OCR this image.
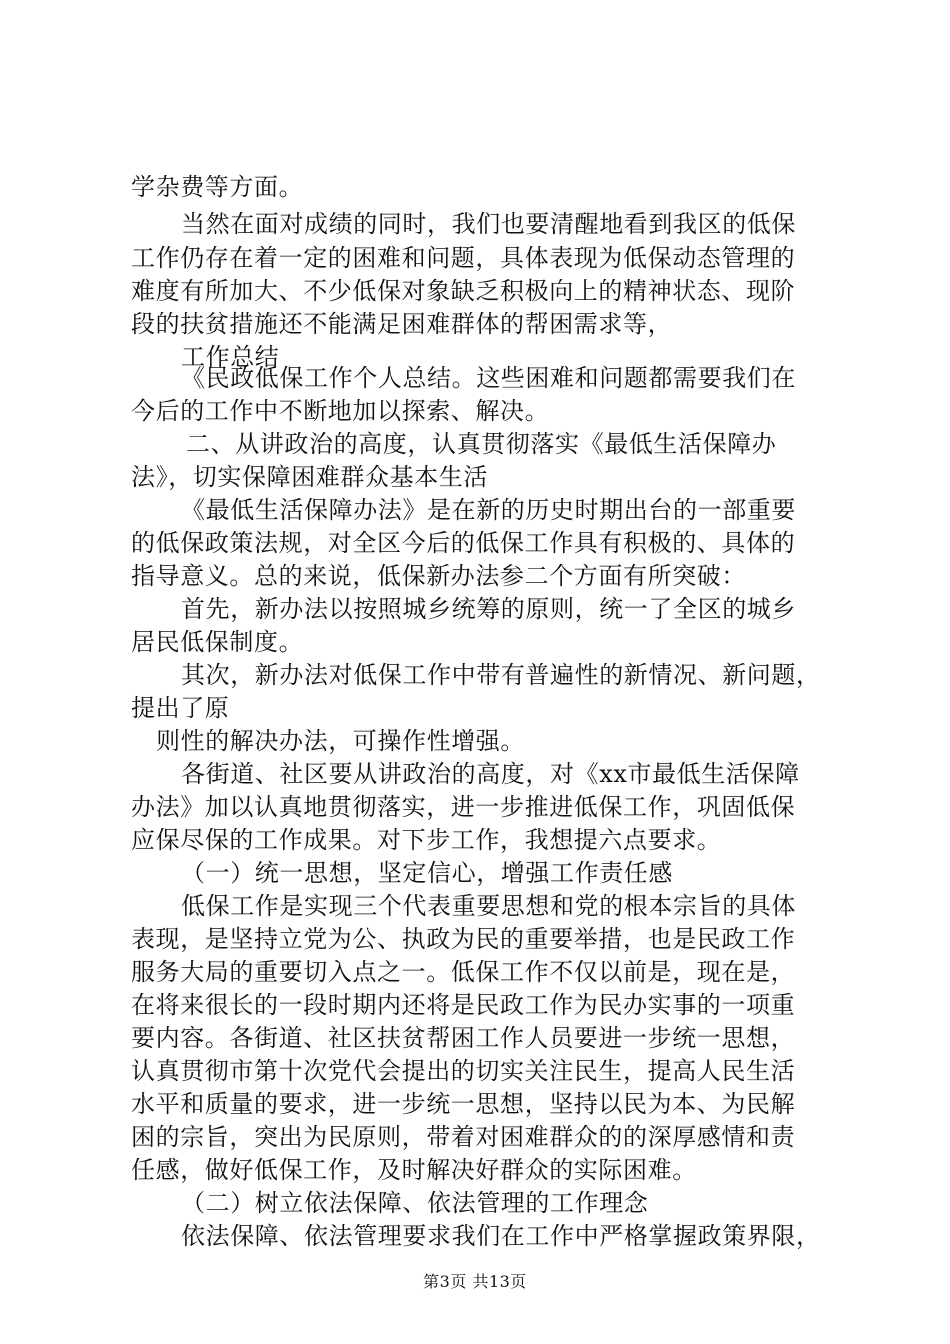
学杂费等方面。
当然在面对成绩的同时，我们也要清醒地看到我区的低保
工作仍存在着一定的困难和问题，具体表现为低保动态管理的
难度有所加大、不少低保对象缺乏积极向上的精神状态、现阶
段的扶贫措施还不能满足困难群体的帮困需求等，
工作总结
《民政低保工作个人总结。这些困难和问题都需要我们在
今后的工作中不断地加以探索、解决。
二、从讲政治的高度，认真贯彻落实《最低生活保障办
法》，切实保障困难群众基本生活
《最低生活保障办法》是在新的历史时期出台的一部重要
的低保政策法规，对全区今后的低保工作具有积极的、具体的
指导意义。总的来说，低保新办法参二个方面有所突破：
首先，新办法以按照城乡统筹的原则，统一了全区的城乡
居民低保制度。
其次，新办法对低保工作中带有普遍性的新情况、新问题，
提出了原
则性的解决办法，可操作性增强。
各街道、社区要从讲政治的高度，对《xx市最低生活保障
办法》加以认真地贯彻落实，进一步推进低保工作，巩固低保
应保尽保的工作成果。对下步工作，我想提六点要求。
（一）统一思想，坚定信心，增强工作责任感
低保工作是实现三个代表重要思想和党的根本宗旨的具体
表现，是坚持立党为公、执政为民的重要举措，也是民政工作
服务大局的重要切入点之一。低保工作不仅以前是，现在是，
在将来很长的一段时期内还将是民政工作为民办实事的一项重
要内容。各街道、社区扶贫帮困工作人员要进一步统一思想，
认真贯彻市第十次党代会提出的切实关注民生，提高人民生活
水平和质量的要求，进一步统一思想，坚持以民为本、为民解
困的宗旨，突出为民原则，带着对困难群众的的深厚感情和责
任感，做好低保工作，及时解决好群众的实际困难。
（二）树立依法保障、依法管理的工作理念
依法保障、依法管理要求我们在工作中严格掌握政策界限，
第3页 共13页
